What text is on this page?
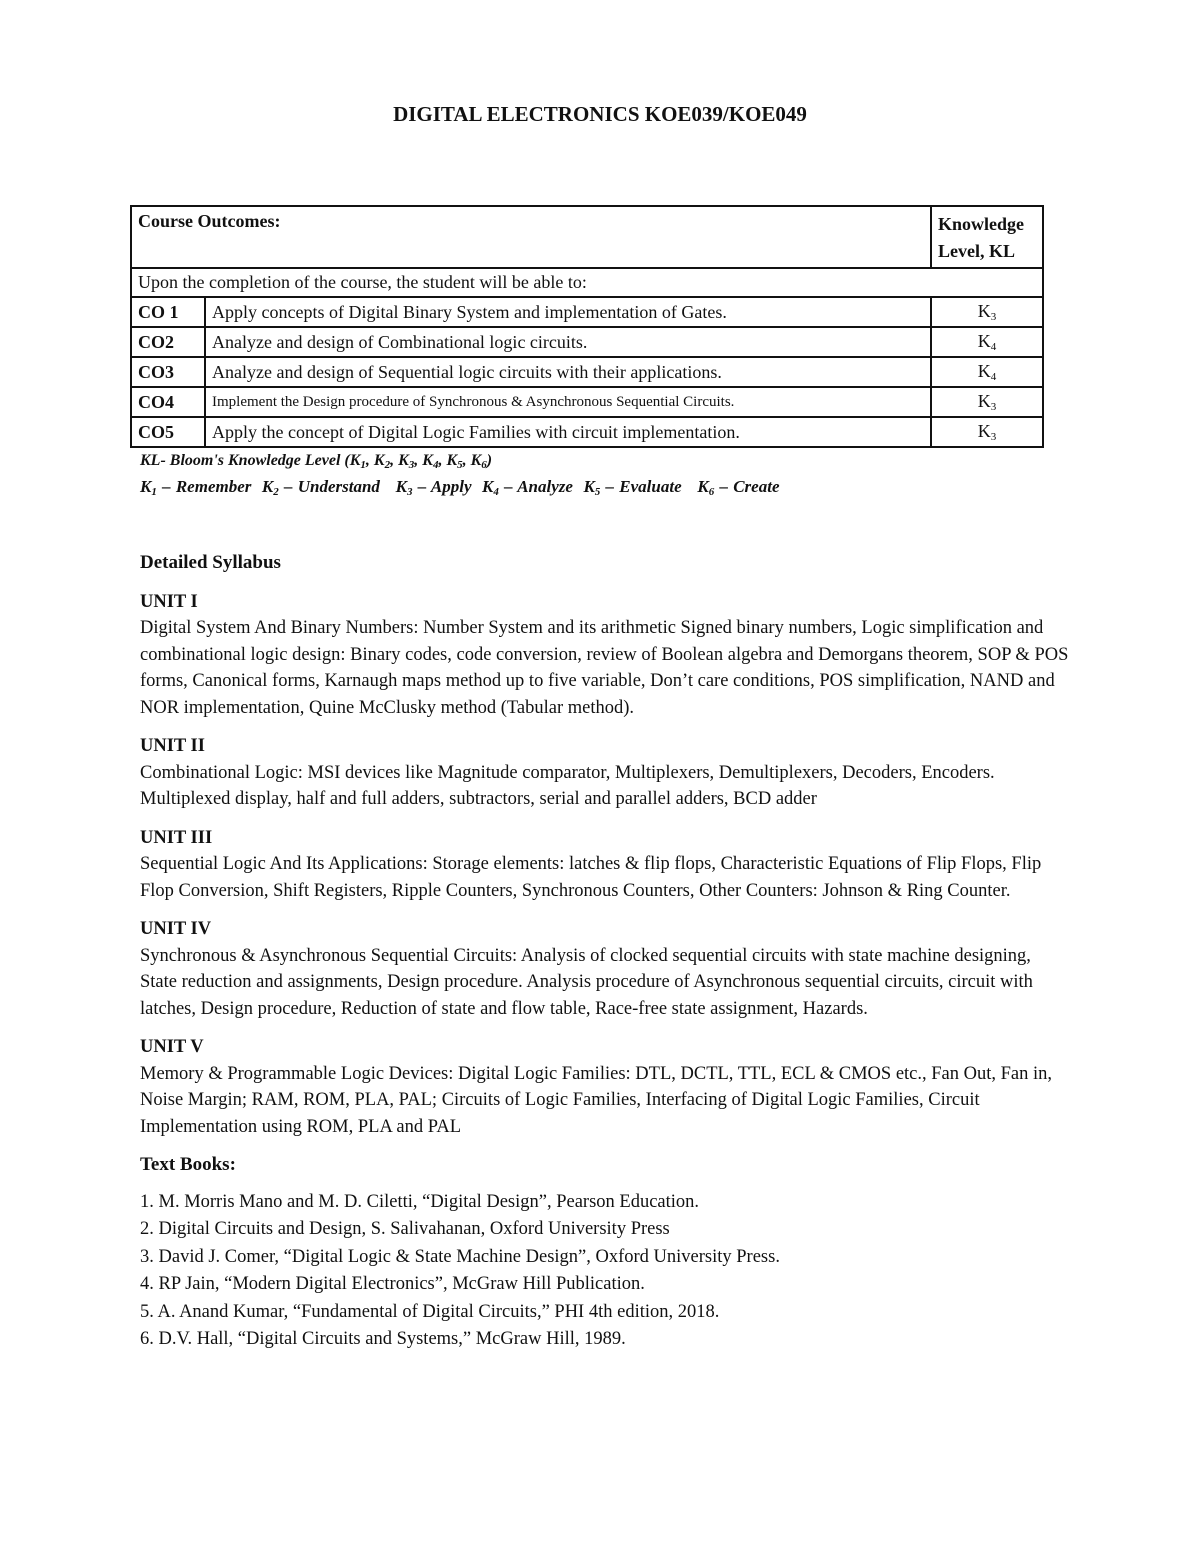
DIGITAL ELECTRONICS KOE039/KOE049
Course Outcomes:		Knowledge
Level, KL
Upon the completion of the course, the student will be able to:		
CO 1	Apply concepts of Digital Binary System and implementation of Gates.	$K_3$
CO2	Analyze and design of Combinational logic circuits.	$K_4$
CO3	Analyze and design of Sequential logic circuits with their applications.	$K_4$
CO4	Implement the Design procedure of Synchronous & Asynchronous Sequential Circuits.	$K_3$
CO5	Apply the concept of Digital Logic Families with circuit implementation.	$K_3$
KL- Bloom's Knowledge Level ($K_1$, $K_2$, $K_3$, $K_4$, $K_5$, $K_6$)
$K_1$ – Remember  $K_2$ – Understand   $K_3$ – Apply  $K_4$ – Analyze  $K_5$ – Evaluate   $K_6$ – Create
Detailed Syllabus
UNIT I

Digital System And Binary Numbers: Number System and its arithmetic Signed binary numbers, Logic simplification and combinational logic design: Binary codes, code conversion, review of Boolean algebra and Demorgans theorem, SOP & POS forms, Canonical forms, Karnaugh maps method up to five variable, Don’t care conditions, POS simplification, NAND and NOR implementation, Quine McClusky method (Tabular method).

UNIT II

Combinational Logic: MSI devices like Magnitude comparator, Multiplexers, Demultiplexers, Decoders, Encoders. Multiplexed display, half and full adders, subtractors, serial and parallel adders, BCD adder

UNIT III

Sequential Logic And Its Applications: Storage elements: latches & flip flops, Characteristic Equations of Flip Flops, Flip Flop Conversion, Shift Registers, Ripple Counters, Synchronous Counters, Other Counters: Johnson & Ring Counter.

UNIT IV

Synchronous & Asynchronous Sequential Circuits: Analysis of clocked sequential circuits with state machine designing, State reduction and assignments, Design procedure. Analysis procedure of Asynchronous sequential circuits, circuit with latches, Design procedure, Reduction of state and flow table, Race-free state assignment, Hazards.

UNIT V

Memory & Programmable Logic Devices: Digital Logic Families: DTL, DCTL, TTL, ECL & CMOS etc., Fan Out, Fan in, Noise Margin; RAM, ROM, PLA, PAL; Circuits of Logic Families, Interfacing of Digital Logic Families, Circuit Implementation using ROM, PLA and PAL

Text Books:
1. M. Morris Mano and M. D. Ciletti, “Digital Design”, Pearson Education.
2. Digital Circuits and Design, S. Salivahanan, Oxford University Press
3. David J. Comer, “Digital Logic & State Machine Design”, Oxford University Press.
4. RP Jain, “Modern Digital Electronics”, McGraw Hill Publication.
5. A. Anand Kumar, “Fundamental of Digital Circuits,” PHI 4th edition, 2018.
6. D.V. Hall, “Digital Circuits and Systems,” McGraw Hill, 1989.
